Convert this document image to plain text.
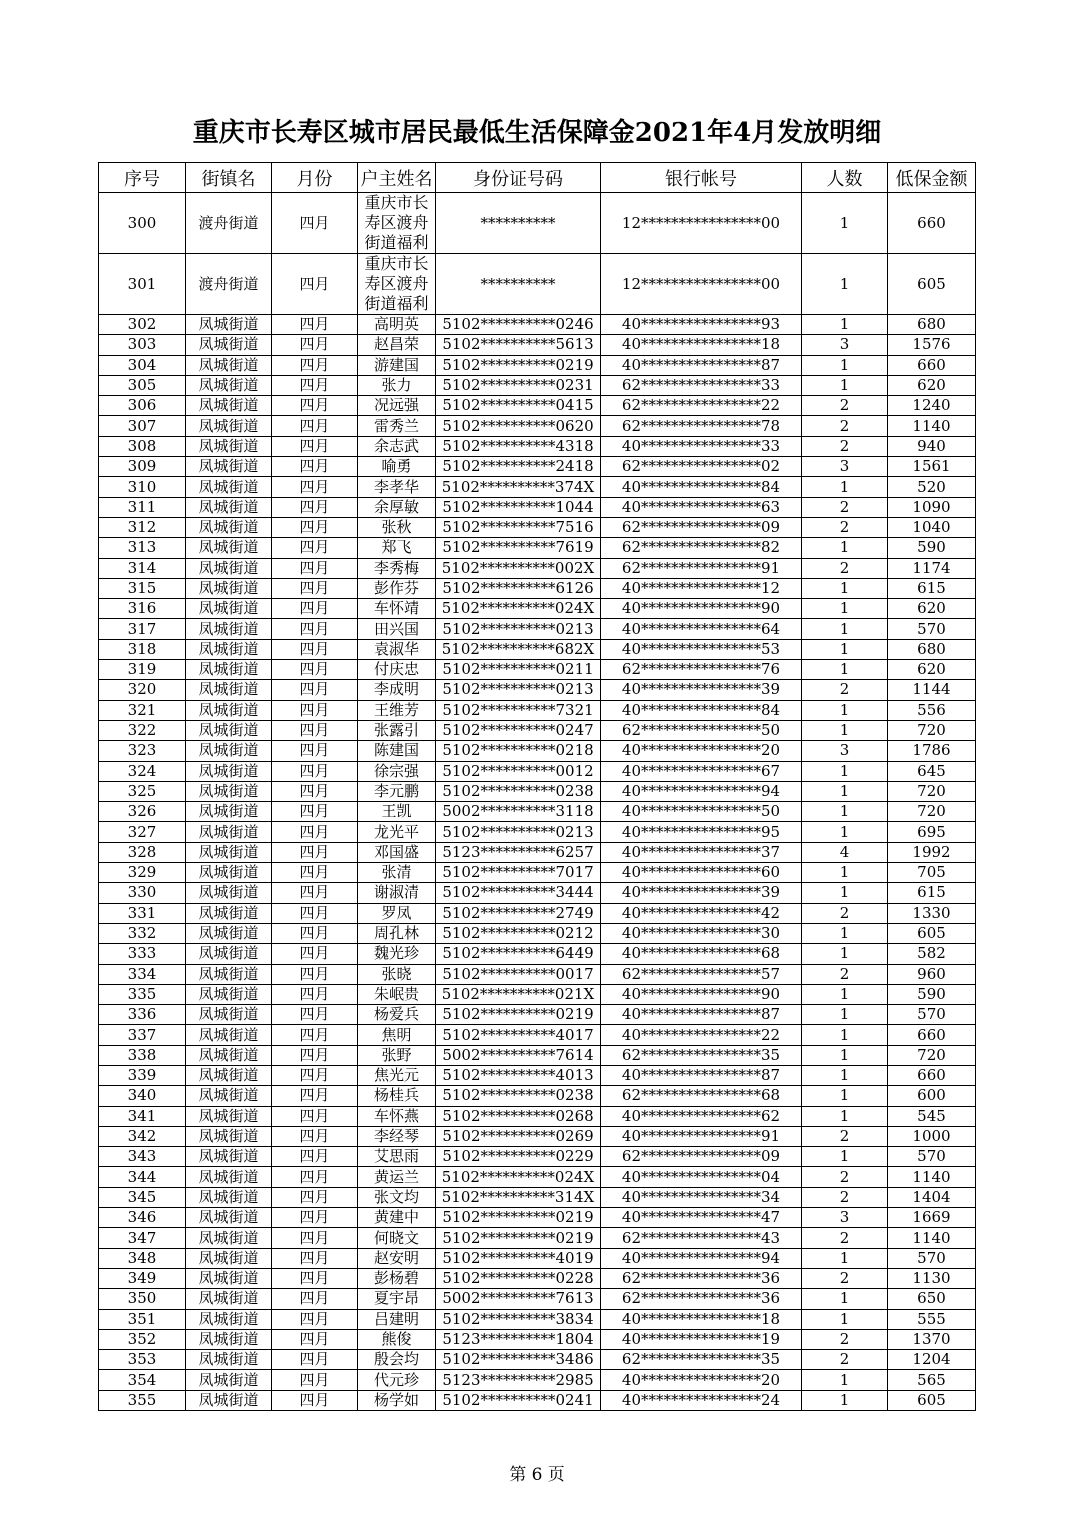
重庆市长寿区城市居民最低生活保障金2021年4月发放明细
序号	街镇名	月份	户主姓名	身份证号码	银行帐号	人数	低保金额
300	渡舟街道	四月	重庆市长寿区渡舟街道福利	**********	12****************00	1	660
301	渡舟街道	四月	重庆市长寿区渡舟街道福利	**********	12****************00	1	605
302	凤城街道	四月	高明英	5102**********0246	40****************93	1	680
303	凤城街道	四月	赵昌荣	5102**********5613	40****************18	3	1576
304	凤城街道	四月	游建国	5102**********0219	40****************87	1	660
305	凤城街道	四月	张力	5102**********0231	62****************33	1	620
306	凤城街道	四月	况远强	5102**********0415	62****************22	2	1240
307	凤城街道	四月	雷秀兰	5102**********0620	62****************78	2	1140
308	凤城街道	四月	余志武	5102**********4318	40****************33	2	940
309	凤城街道	四月	喻勇	5102**********2418	62****************02	3	1561
310	凤城街道	四月	李孝华	5102**********374X	40****************84	1	520
311	凤城街道	四月	余厚敏	5102**********1044	40****************63	2	1090
312	凤城街道	四月	张秋	5102**********7516	62****************09	2	1040
313	凤城街道	四月	郑飞	5102**********7619	62****************82	1	590
314	凤城街道	四月	李秀梅	5102**********002X	62****************91	2	1174
315	凤城街道	四月	彭作芬	5102**********6126	40****************12	1	615
316	凤城街道	四月	车怀靖	5102**********024X	40****************90	1	620
317	凤城街道	四月	田兴国	5102**********0213	40****************64	1	570
318	凤城街道	四月	袁淑华	5102**********682X	40****************53	1	680
319	凤城街道	四月	付庆忠	5102**********0211	62****************76	1	620
320	凤城街道	四月	李成明	5102**********0213	40****************39	2	1144
321	凤城街道	四月	王维芳	5102**********7321	40****************84	1	556
322	凤城街道	四月	张露引	5102**********0247	62****************50	1	720
323	凤城街道	四月	陈建国	5102**********0218	40****************20	3	1786
324	凤城街道	四月	徐宗强	5102**********0012	40****************67	1	645
325	凤城街道	四月	李元鹏	5102**********0238	40****************94	1	720
326	凤城街道	四月	王凯	5002**********3118	40****************50	1	720
327	凤城街道	四月	龙光平	5102**********0213	40****************95	1	695
328	凤城街道	四月	邓国盛	5123**********6257	40****************37	4	1992
329	凤城街道	四月	张清	5102**********7017	40****************60	1	705
330	凤城街道	四月	谢淑清	5102**********3444	40****************39	1	615
331	凤城街道	四月	罗凤	5102**********2749	40****************42	2	1330
332	凤城街道	四月	周孔林	5102**********0212	40****************30	1	605
333	凤城街道	四月	魏光珍	5102**********6449	40****************68	1	582
334	凤城街道	四月	张晓	5102**********0017	62****************57	2	960
335	凤城街道	四月	朱岷贵	5102**********021X	40****************90	1	590
336	凤城街道	四月	杨爱兵	5102**********0219	40****************87	1	570
337	凤城街道	四月	焦明	5102**********4017	40****************22	1	660
338	凤城街道	四月	张野	5002**********7614	62****************35	1	720
339	凤城街道	四月	焦光元	5102**********4013	40****************87	1	660
340	凤城街道	四月	杨桂兵	5102**********0238	62****************68	1	600
341	凤城街道	四月	车怀燕	5102**********0268	40****************62	1	545
342	凤城街道	四月	李经琴	5102**********0269	40****************91	2	1000
343	凤城街道	四月	艾思雨	5102**********0229	62****************09	1	570
344	凤城街道	四月	黄运兰	5102**********024X	40****************04	2	1140
345	凤城街道	四月	张文均	5102**********314X	40****************34	2	1404
346	凤城街道	四月	黄建中	5102**********0219	40****************47	3	1669
347	凤城街道	四月	何晓文	5102**********0219	62****************43	2	1140
348	凤城街道	四月	赵安明	5102**********4019	40****************94	1	570
349	凤城街道	四月	彭杨碧	5102**********0228	62****************36	2	1130
350	凤城街道	四月	夏宇昂	5002**********7613	62****************36	1	650
351	凤城街道	四月	吕建明	5102**********3834	40****************18	1	555
352	凤城街道	四月	熊俊	5123**********1804	40****************19	2	1370
353	凤城街道	四月	殷会均	5102**********3486	62****************35	2	1204
354	凤城街道	四月	代元珍	5123**********2985	40****************20	1	565
355	凤城街道	四月	杨学如	5102**********0241	40****************24	1	605
第 6 页
